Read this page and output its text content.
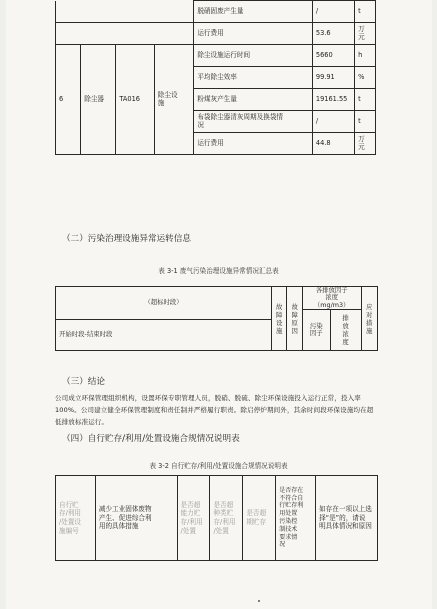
				脱硝固废产生量	/	t
				运行费用	53.6	万
元
6	除尘器	TA016	除尘设
施	除尘设施运行时间	5660	h
				平均除尘效率	99.91	%
				粉煤灰产生量	19161.55	t
				布袋除尘器清灰周期及换袋情
况	/	t
				运行费用	44.8	万
元
（二）污染治理设施异常运转信息
表 3-1 废气污染治理设施异常情况汇总表
（超标时段）	故
障
设
施	故
障
原
因	各排放因子
浓度
（mg/m3）		应
对
措
施
			污染
因子	排
放
浓
度	
开始时段-结束时段					
（三）结论
公司成立环保管理组织机构，设置环保专职管理人员，脱硝、脱硫、除尘环保设施投入运行正常，投入率 100%。公司建立健全环保管理制度和责任制并严格履行职责。除启停炉期间外，其余时间段环保设施均在超低排放标准运行。
（四）自行贮存/利用/处置设施合规情况说明表
表 3-2 自行贮存/利用/处置设施合规情况说明表
自行贮
存/利用
/处置设
施编号	减少工业固体废物
产生、促进综合利
用的具体措施	是否超
能力贮
存/利用
/处置	是否超
种类贮
存/利用
/处置	是否超
期贮存	是否存在
不符合自
行贮存利
用处置
污染控
制技术
要求情
况	如存在一项以上选
择“是”的，请说
明具体情况和原因
